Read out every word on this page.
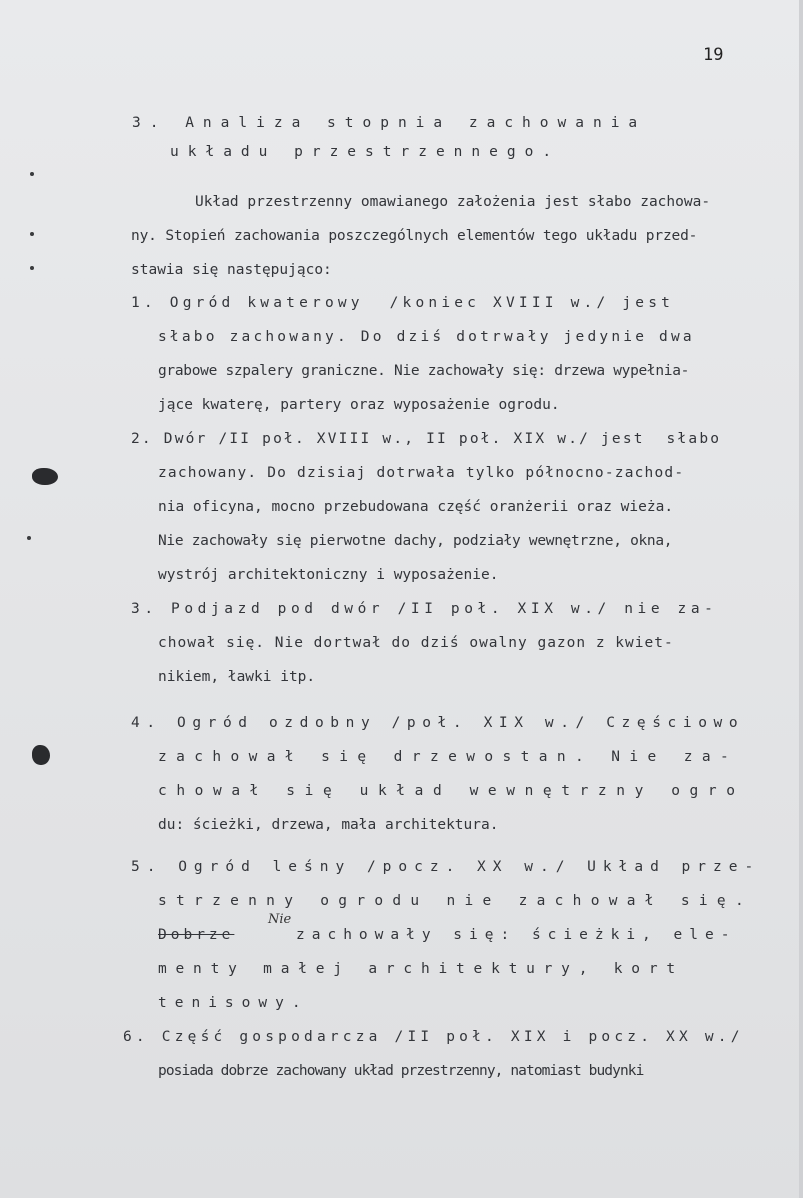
19
3. Analiza stopnia zachowania
układu przestrzennego.
Układ przestrzenny omawianego założenia jest słabo zachowa-
ny. Stopień zachowania poszczególnych elementów tego układu przed-
stawia się następująco:
1. Ogród kwaterowy  /koniec XVIII w./ jest
słabo zachowany. Do dziś dotrwały jedynie dwa
grabowe szpalery graniczne. Nie zachowały się: drzewa wypełnia-
jące kwaterę, partery oraz wyposażenie ogrodu.
2. Dwór /II poł. XVIII w., II poł. XIX w./ jest  słabo
zachowany. Do dzisiaj dotrwała tylko północno-zachod-
nia oficyna, mocno przebudowana część oranżerii oraz wieża.
Nie zachowały się pierwotne dachy, podziały wewnętrzne, okna,
wystrój architektoniczny i wyposażenie.
3. Podjazd pod dwór /II poł. XIX w./ nie za-
chował się. Nie dortwał do dziś owalny gazon z kwiet-
nikiem, ławki itp.
4. Ogród ozdobny /poł. XIX w./ Częściowo
zachował się drzewostan. Nie za-
chował się układ wewnętrzny ogro
du: ścieżki, drzewa, mała architektura.
5. Ogród leśny /pocz. XX w./ Układ prze-
strzenny ogrodu nie zachował się.
Nie
Dobrze	zachowały się: ścieżki, ele-
menty małej architektury, kort
tenisowy.
6. Część gospodarcza /II poł. XIX i pocz. XX w./
posiada dobrze zachowany układ przestrzenny, natomiast budynki
